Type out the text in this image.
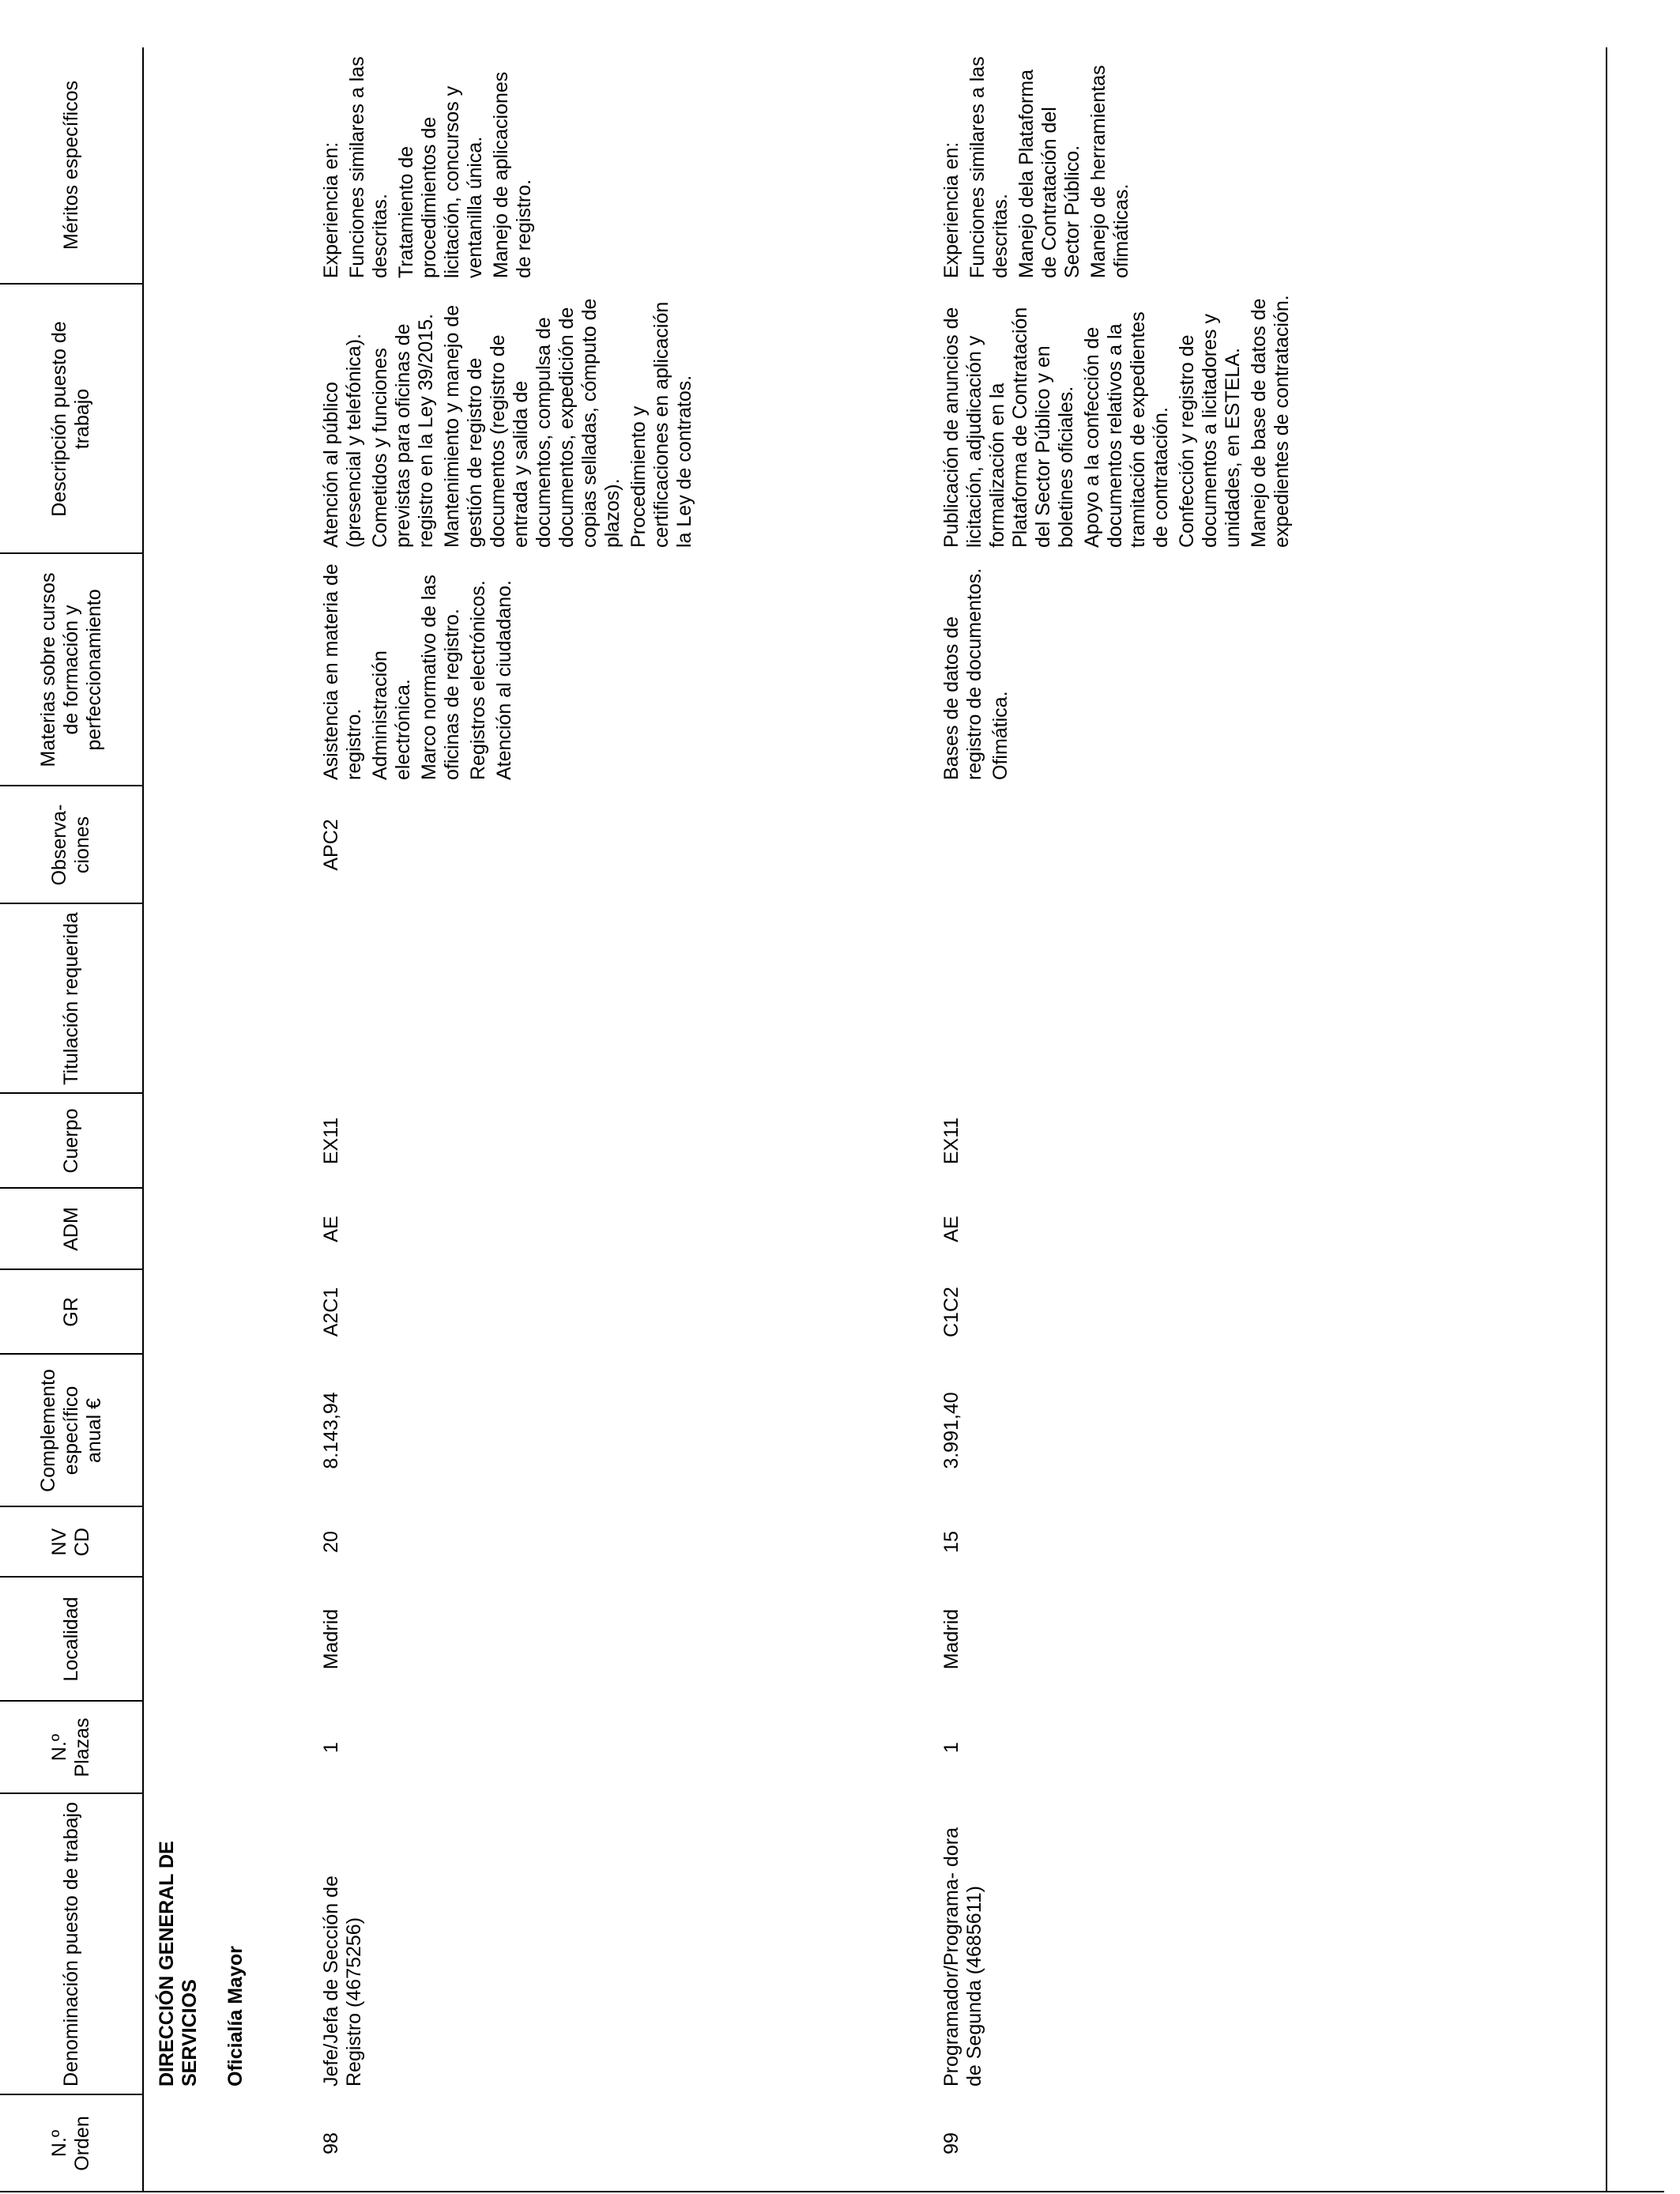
N.º Orden
Denominación puesto de trabajo
N.º Plazas
Localidad
NV CD
Complemento específico anual €
GR
ADM
Cuerpo
Titulación requerida
Observa- ciones
Materias sobre cursos de formación y perfeccionamiento
Descripción puesto de trabajo
Méritos específicos
DIRECCIÓN GENERAL DE SERVICIOS Oficialía Mayor
98
Jefe/Jefa de Sección de Registro (4675256)
1
Madrid
20
8.143,94
A2C1
AE
EX11
APC2

Asistencia en materia de registro. Administración electrónica. Marco normativo de las oficinas de registro. Registros electrónicos. Atención al ciudadano.

Atención al público (presencial y telefónica). Cometidos y funciones previstas para oficinas de registro en la Ley 39/2015. Mantenimiento y manejo de gestión de registro de documentos (registro de entrada y salida de documentos, compulsa de documentos, expedición de copias selladas, cómputo de plazos). Procedimiento y certificaciones en aplicación la Ley de contratos.

Experiencia en: Funciones similares a las descritas. Tratamiento de procedimientos de licitación, concursos y ventanilla única. Manejo de aplicaciones de registro.

99
Programador/Programa- dora de Segunda (4685611)
1
Madrid
15
3.991,40
C1C2
AE
EX11

Bases de datos de registro de documentos. Ofimática.

Publicación de anuncios de licitación, adjudicación y formalización en la Plataforma de Contratación del Sector Público y en boletines oficiales. Apoyo a la confección de documentos relativos a la tramitación de expedientes de contratación. Confección y registro de documentos a licitadores y unidades, en ESTELA. Manejo de base de datos de expedientes de contratación.

Experiencia en: Funciones similares a las descritas. Manejo dela Plataforma de Contratación del Sector Público. Manejo de herramientas ofimáticas.
